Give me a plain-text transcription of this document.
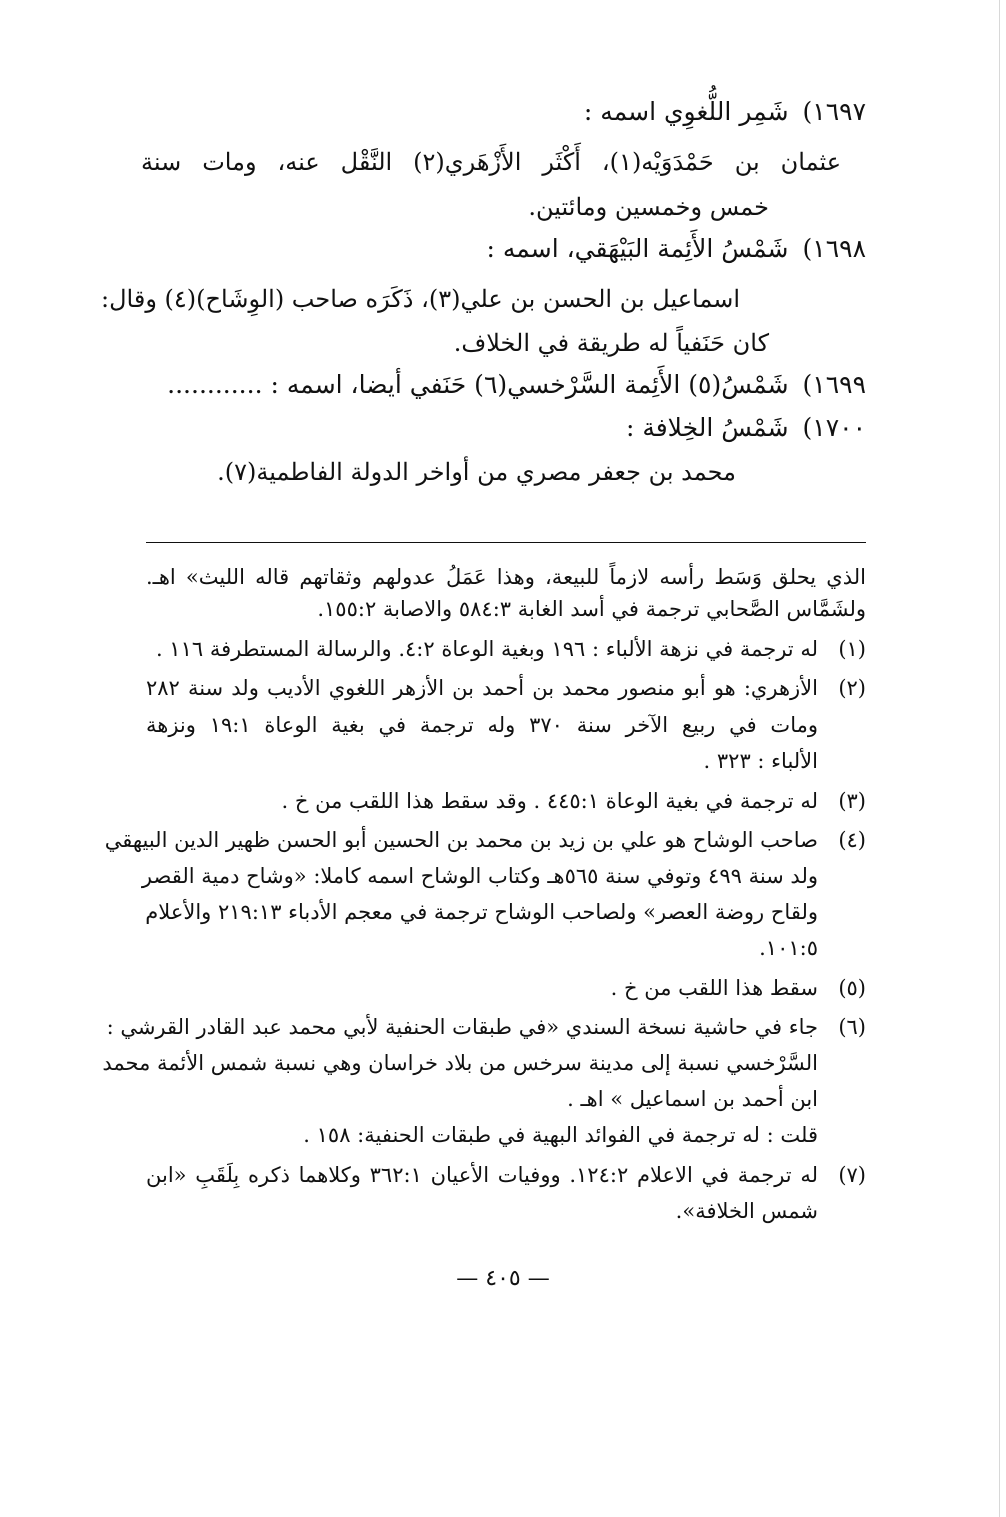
١٦٩٧)شَمِر اللُّغوِي اسمه :
عثمان بن حَمْدَوَيْه(١)، أَكْثَر الأَزْهَري(٢) النَّقْل عنه، ومات سنة
خمس وخمسين ومائتين.
١٦٩٨)شَمْسُ الأَئِمة البَيْهَقي، اسمه :
اسماعيل بن الحسن بن علي(٣)، ذَكَرَه صاحب (الوِشَاح)(٤) وقال:
كان حَنَفياً له طريقة في الخلاف.
١٦٩٩)شَمْسُ(٥) الأَئِمة السَّرْخسي(٦) حَنَفي أيضا، اسمه : ............
١٧٠٠)شَمْسُ الخِلافة :
محمد بن جعفر مصري من أواخر الدولة الفاطمية(٧).
الذي يحلق وَسَط رأسه لازماً للبيعة، وهذا عَمَلُ عدولهم وثقاتهم قاله الليث» اهـ.
ولشَمَّاس الصَّحابي ترجمة في أسد الغابة ٥٨٤:٣ والاصابة ١٥٥:٢.
(١)
له ترجمة في نزهة الألباء : ١٩٦ وبغية الوعاة ٤:٢. والرسالة المستطرفة ١١٦ .
(٢)
الأزهري: هو أبو منصور محمد بن أحمد بن الأزهر اللغوي الأديب ولد سنة ٢٨٢
ومات في ربيع الآخر سنة ٣٧٠ وله ترجمة في بغية الوعاة ١٩:١ ونزهة
الألباء : ٣٢٣ .
(٣)
له ترجمة في بغية الوعاة ٤٤٥:١ . وقد سقط هذا اللقب من خ .
(٤)
صاحب الوشاح هو علي بن زيد بن محمد بن الحسين أبو الحسن ظهير الدين البيهقي
ولد سنة ٤٩٩ وتوفي سنة ٥٦٥هـ وكتاب الوشاح اسمه كاملا: «وشاح دمية القصر
ولقاح روضة العصر» ولصاحب الوشاح ترجمة في معجم الأدباء ٢١٩:١٣ والأعلام
١٠١:٥.
(٥)
سقط هذا اللقب من خ .
(٦)
جاء في حاشية نسخة السندي «في طبقات الحنفية لأبي محمد عبد القادر القرشي :
السَّرْخسي نسبة إلى مدينة سرخس من بلاد خراسان وهي نسبة شمس الأئمة محمد
ابن أحمد بن اسماعيل » اهـ .
قلت : له ترجمة في الفوائد البهية في طبقات الحنفية: ١٥٨ .
(٧)
له ترجمة في الاعلام ١٢٤:٢. ووفيات الأعيان ٣٦٢:١ وكلاهما ذكره بِلَقَبِ «ابن
شمس الخلافة».
— ٤٠٥ —
